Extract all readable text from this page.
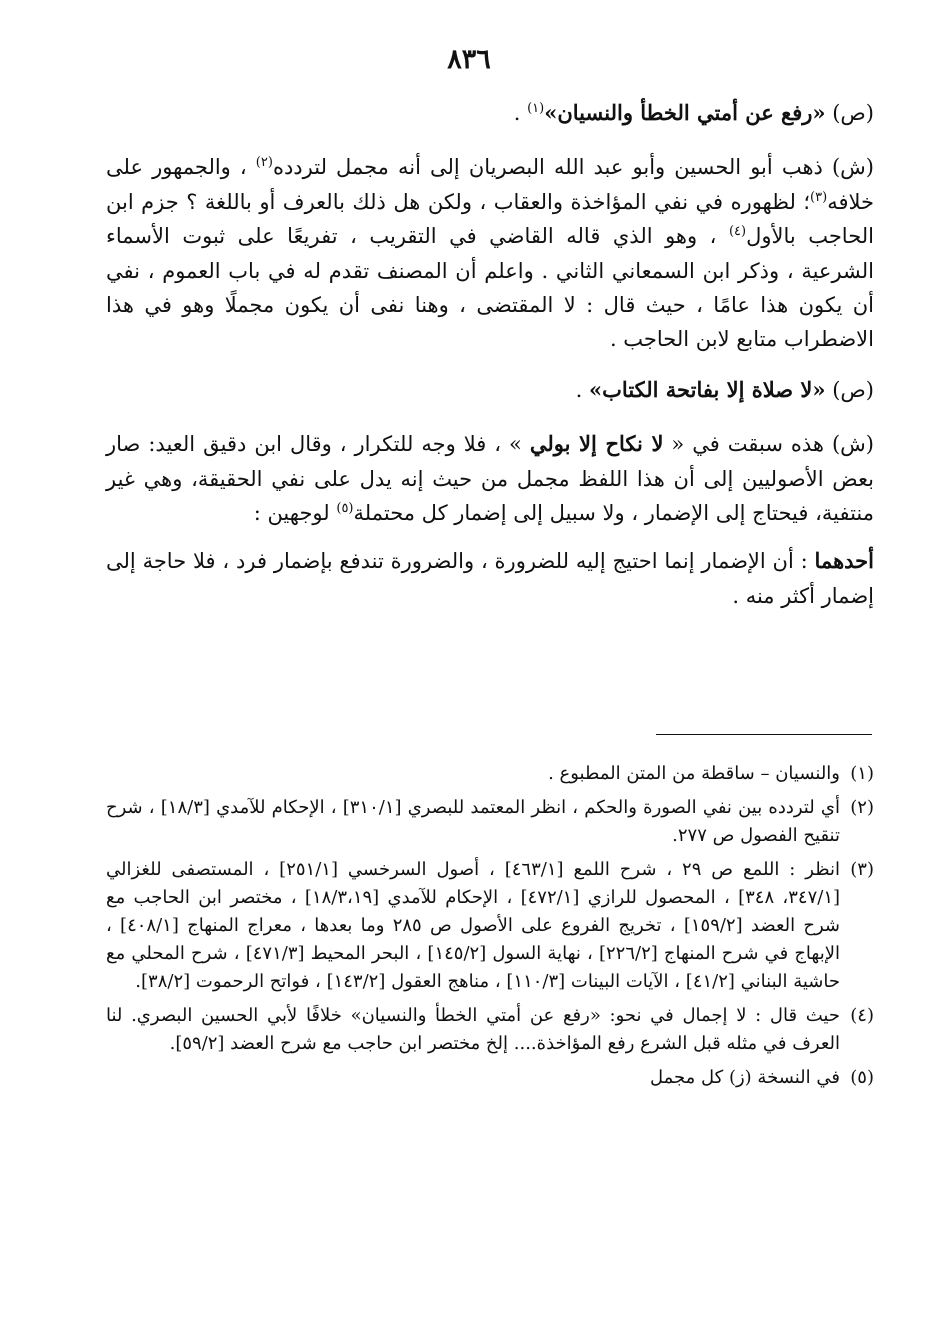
٨٣٦

(ص) «رفع عن أمتي الخطأ والنسيان»$^{(١)}$ .

(ش) ذهب أبو الحسين وأبو عبد الله البصريان إلى أنه مجمل لتردده$^{(٢)}$ ، والجمهور على خلافه$^{(٣)}$؛ لظهوره في نفي المؤاخذة والعقاب ، ولكن هل ذلك بالعرف أو باللغة ؟ جزم ابن الحاجب بالأول$^{(٤)}$ ، وهو الذي قاله القاضي في التقريب ، تفريعًا على ثبوت الأسماء الشرعية ، وذكر ابن السمعاني الثاني . واعلم أن المصنف تقدم له في باب العموم ، نفي أن يكون هذا عامًا ، حيث قال : لا المقتضى ، وهنا نفى أن يكون مجملًا وهو في هذا الاضطراب متابع لابن الحاجب .

(ص) «لا صلاة إلا بفاتحة الكتاب» .

(ش) هذه سبقت في « لا نكاح إلا بولي » ، فلا وجه للتكرار ، وقال ابن دقيق العيد: صار بعض الأصوليين إلى أن هذا اللفظ مجمل من حيث إنه يدل على نفي الحقيقة، وهي غير منتفية، فيحتاج إلى الإضمار ، ولا سبيل إلى إضمار كل محتملة$^{(٥)}$ لوجهين :

أحدهما : أن الإضمار إنما احتيج إليه للضرورة ، والضرورة تندفع بإضمار فرد ، فلا حاجة إلى إضمار أكثر منه .

(١)
والنسيان – ساقطة من المتن المطبوع .
(٢)
أي لتردده بين نفي الصورة والحكم ، انظر المعتمد للبصري [٣١٠/١] ، الإحكام للآمدي [١٨/٣] ، شرح تنقيح الفصول ص ٢٧٧.
(٣)
انظر : اللمع ص ٢٩ ، شرح اللمع [٤٦٣/١] ، أصول السرخسي [٢٥١/١] ، المستصفى للغزالي [٣٤٧/١، ٣٤٨] ، المحصول للرازي [٤٧٢/١] ، الإحكام للآمدي [١٨/٣،١٩] ، مختصر ابن الحاجب مع شرح العضد [١٥٩/٢] ، تخريج الفروع على الأصول ص ٢٨٥ وما بعدها ، معراج المنهاج [٤٠٨/١] ، الإبهاج في شرح المنهاج [٢٢٦/٢] ، نهاية السول [١٤٥/٢] ، البحر المحيط [٤٧١/٣] ، شرح المحلي مع حاشية البناني [٤١/٢] ، الآيات البينات [١١٠/٣] ، مناهج العقول [١٤٣/٢] ، فواتح الرحموت [٣٨/٢].
(٤)
حيث قال : لا إجمال في نحو: «رفع عن أمتي الخطأ والنسيان» خلافًا لأبي الحسين البصري. لنا العرف في مثله قبل الشرع رفع المؤاخذة.... إلخ مختصر ابن حاجب مع شرح العضد [٥٩/٢].
(٥)
في النسخة (ز) كل مجمل
